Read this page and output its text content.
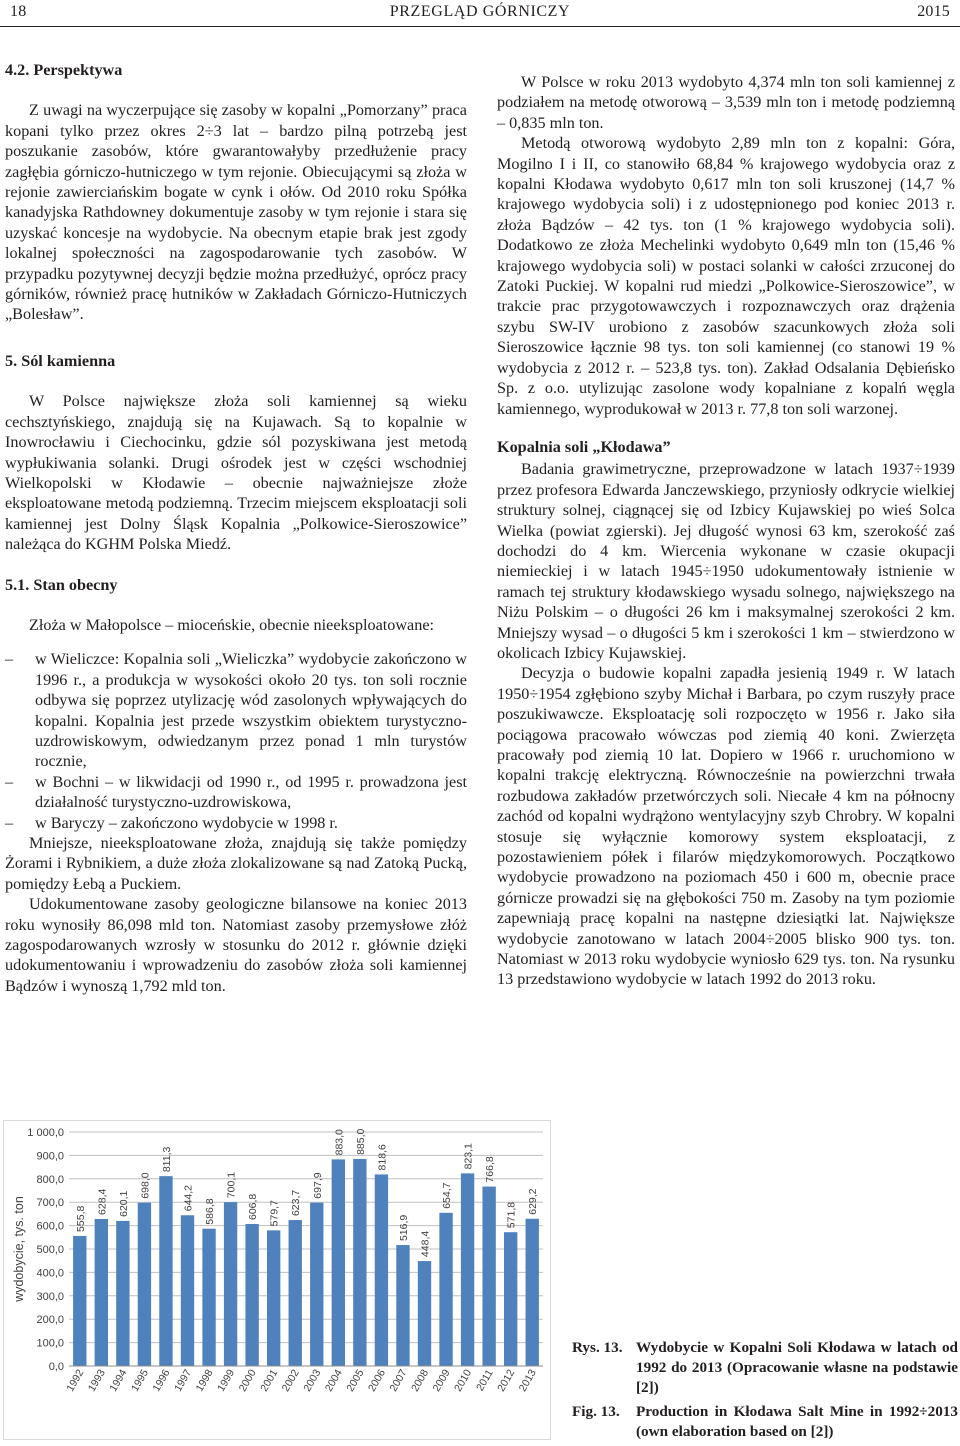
18	PRZEGLĄD GÓRNICZY	2015
4.2. Perspektywa

Z uwagi na wyczerpujące się zasoby w kopalni „Pomorzany” praca kopani tylko przez okres 2÷3 lat – bardzo pilną potrzebą jest poszukanie zasobów, które gwarantowałyby przedłużenie pracy zagłębia górniczo-hutniczego w tym rejonie. Obiecującymi są złoża w rejonie zawierciańskim bogate w cynk i ołów. Od 2010 roku Spółka kanadyjska Rathdowney dokumentuje zasoby w tym rejonie i stara się uzyskać koncesje na wydobycie. Na obecnym etapie brak jest zgody lokalnej społeczności na zagospodarowanie tych zasobów. W przypadku pozytywnej decyzji będzie można przedłużyć, oprócz pracy górników, również pracę hutników w Zakładach Górniczo-Hutniczych „Bolesław”.

5. Sól kamienna

W Polsce największe złoża soli kamiennej są wieku cechsztyńskiego, znajdują się na Kujawach. Są to kopalnie w Inowrocławiu i Ciechocinku, gdzie sól pozyskiwana jest metodą wypłukiwania solanki. Drugi ośrodek jest w części wschodniej Wielkopolski w Kłodawie – obecnie najważniejsze złoże eksploatowane metodą podziemną. Trzecim miejscem eksploatacji soli kamiennej jest Dolny Śląsk Kopalnia „Polkowice-Sieroszowice” należąca do KGHM Polska Miedź.

5.1. Stan obecny

Złoża w Małopolsce – mioceńskie, obecnie nieeksploatowane:

– w Wieliczce: Kopalnia soli „Wieliczka” wydobycie zakończono w 1996 r., a produkcja w wysokości około 20 tys. ton soli rocznie odbywa się poprzez utylizację wód zasolonych wpływających do kopalni. Kopalnia jest przede wszystkim obiektem turystyczno-uzdrowiskowym, odwiedzanym przez ponad 1 mln turystów rocznie,
– w Bochni – w likwidacji od 1990 r., od 1995 r. prowadzona jest działalność turystyczno-uzdrowiskowa,
– w Baryczy – zakończono wydobycie w 1998 r.

Mniejsze, nieeksploatowane złoża, znajdują się także pomiędzy Żorami i Rybnikiem, a duże złoża zlokalizowane są nad Zatoką Pucką, pomiędzy Łebą a Puckiem.

Udokumentowane zasoby geologiczne bilansowe na koniec 2013 roku wynosiły 86,098 mld ton. Natomiast zasoby przemysłowe złóż zagospodarowanych wzrosły w stosunku do 2012 r. głównie dzięki udokumentowaniu i wprowadzeniu do zasobów złoża soli kamiennej Bądzów i wynoszą 1,792 mld ton.

W Polsce w roku 2013 wydobyto 4,374 mln ton soli kamiennej z podziałem na metodę otworową – 3,539 mln ton i metodę podziemną – 0,835 mln ton.

Metodą otworową wydobyto 2,89 mln ton z kopalni: Góra, Mogilno I i II, co stanowiło 68,84 % krajowego wydobycia oraz z kopalni Kłodawa wydobyto 0,617 mln ton soli kruszonej (14,7 % krajowego wydobycia soli) i z udostępnionego pod koniec 2013 r. złoża Bądzów – 42 tys. ton (1 % krajowego wydobycia soli). Dodatkowo ze złoża Mechelinki wydobyto 0,649 mln ton (15,46 % krajowego wydobycia soli) w postaci solanki w całości zrzuconej do Zatoki Puckiej. W kopalni rud miedzi „Polkowice-Sieroszowice”, w trakcie prac przygotowawczych i rozpoznawczych oraz drążenia szybu SW-IV urobiono z zasobów szacunkowych złoża soli Sieroszowice łącznie 98 tys. ton soli kamiennej (co stanowi 19 % wydobycia z 2012 r. – 523,8 tys. ton). Zakład Odsalania Dębieńsko Sp. z o.o. utylizując zasolone wody kopalniane z kopalń węgla kamiennego, wyprodukował w 2013 r. 77,8 ton soli warzonej.

Kopalnia soli „Kłodawa”

Badania grawimetryczne, przeprowadzone w latach 1937÷1939 przez profesora Edwarda Janczewskiego, przyniosły odkrycie wielkiej struktury solnej, ciągnącej się od Izbicy Kujawskiej po wieś Solca Wielka (powiat zgierski). Jej długość wynosi 63 km, szerokość zaś dochodzi do 4 km. Wiercenia wykonane w czasie okupacji niemieckiej i w latach 1945÷1950 udokumentowały istnienie w ramach tej struktury kłodawskiego wysadu solnego, największego na Niżu Polskim – o długości 26 km i maksymalnej szerokości 2 km. Mniejszy wysad – o długości 5 km i szerokości 1 km – stwierdzono w okolicach Izbicy Kujawskiej.

Decyzja o budowie kopalni zapadła jesienią 1949 r. W latach 1950÷1954 zgłębiono szyby Michał i Barbara, po czym ruszyły prace poszukiwawcze. Eksploatację soli rozpoczęto w 1956 r. Jako siła pociągowa pracowało wówczas pod ziemią 40 koni. Zwierzęta pracowały pod ziemią 10 lat. Dopiero w 1966 r. uruchomiono w kopalni trakcję elektryczną. Równocześnie na powierzchni trwała rozbudowa zakładów przetwórczych soli. Niecałe 4 km na północny zachód od kopalni wydrążono wentylacyjny szyb Chrobry. W kopalni stosuje się wyłącznie komorowy system eksploatacji, z pozostawieniem półek i filarów międzykomorowych. Początkowo wydobycie prowadzono na poziomach 450 i 600 m, obecnie prace górnicze prowadzi się na głębokości 750 m. Zasoby na tym poziomie zapewniają pracę kopalni na następne dziesiątki lat. Największe wydobycie zanotowano w latach 2004÷2005 blisko 900 tys. ton. Natomiast w 2013 roku wydobycie wyniosło 629 tys. ton. Na rysunku 13 przedstawiono wydobycie w latach 1992 do 2013 roku.

0,0
100,0
200,0
300,0
400,0
500,0
600,0
700,0
800,0
900,0
1 000,0
wydobycie, tys. ton	555,8
1992
628,4
1993
620,1
1994
698,0
1995
811,3
1996
644,2
1997
586,8
1998
700,1
1999
606,8
2000
579,7
2001
623,7
2002
697,9
2003
883,0
2004
885,0
2005
818,6
2006
516,9
2007
448,4
2008
654,7
2009
823,1
2010
766,8
2011
571,8
2012
629,2
2013
Rys. 13. Wydobycie w Kopalni Soli Kłodawa w latach od 1992 do 2013 (Opracowanie własne na podstawie [2])
Fig. 13. Production in Kłodawa Salt Mine in 1992÷2013 (own elaboration based on [2])
